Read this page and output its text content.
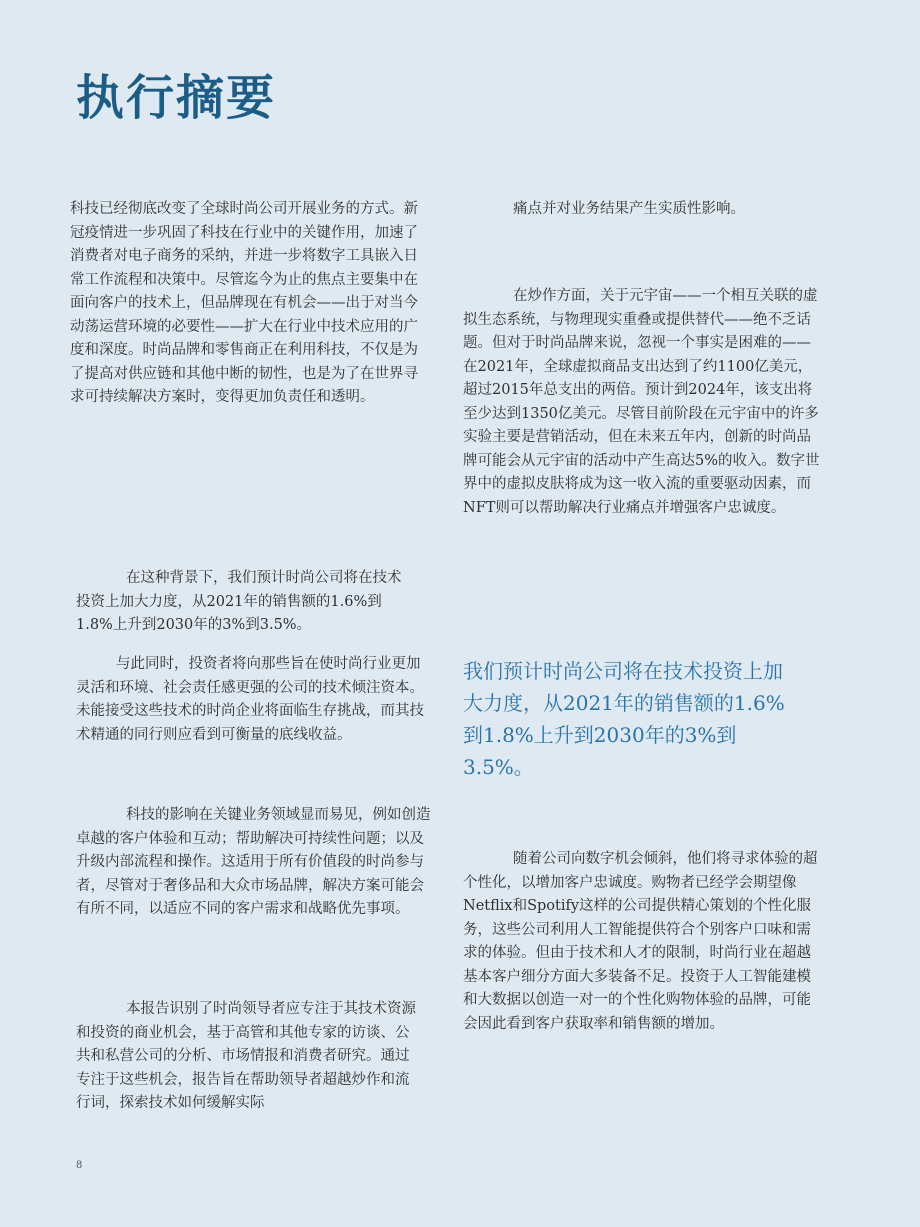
执行摘要

科技已经彻底改变了全球时尚公司开展业务的方式。新冠疫情进一步巩固了科技在行业中的关键作用，加速了消费者对电子商务的采纳，并进一步将数字工具嵌入日常工作流程和决策中。尽管迄今为止的焦点主要集中在面向客户的技术上，但品牌现在有机会——出于对当今动荡运营环境的必要性——扩大在行业中技术应用的广度和深度。时尚品牌和零售商正在利用科技，不仅是为了提高对供应链和其他中断的韧性，也是为了在世界寻求可持续解决方案时，变得更加负责任和透明。

在这种背景下，我们预计时尚公司将在技术投资上加大力度，从2021年的销售额的1.6%到1.8%上升到2030年的3%到3.5%。

与此同时，投资者将向那些旨在使时尚行业更加灵活和环境、社会责任感更强的公司的技术倾注资本。未能接受这些技术的时尚企业将面临生存挑战，而其技术精通的同行则应看到可衡量的底线收益。

科技的影响在关键业务领域显而易见，例如创造卓越的客户体验和互动；帮助解决可持续性问题；以及升级内部流程和操作。这适用于所有价值段的时尚参与者，尽管对于奢侈品和大众市场品牌，解决方案可能会有所不同，以适应不同的客户需求和战略优先事项。

本报告识别了时尚领导者应专注于其技术资源和投资的商业机会，基于高管和其他专家的访谈、公共和私营公司的分析、市场情报和消费者研究。通过专注于这些机会，报告旨在帮助领导者超越炒作和流行词，探索技术如何缓解实际

痛点并对业务结果产生实质性影响。

在炒作方面，关于元宇宙——一个相互关联的虚拟生态系统，与物理现实重叠或提供替代——绝不乏话题。但对于时尚品牌来说，忽视一个事实是困难的——在2021年，全球虚拟商品支出达到了约1100亿美元，超过2015年总支出的两倍。预计到2024年，该支出将至少达到1350亿美元。尽管目前阶段在元宇宙中的许多实验主要是营销活动，但在未来五年内，创新的时尚品牌可能会从元宇宙的活动中产生高达5%的收入。数字世界中的虚拟皮肤将成为这一收入流的重要驱动因素，而NFT则可以帮助解决行业痛点并增强客户忠诚度。

我们预计时尚公司将在技术投资上加大力度，从2021年的销售额的1.6%到1.8%上升到2030年的3%到3.5%。

随着公司向数字机会倾斜，他们将寻求体验的超个性化，以增加客户忠诚度。购物者已经学会期望像Netflix和Spotify这样的公司提供精心策划的个性化服务，这些公司利用人工智能提供符合个别客户口味和需求的体验。但由于技术和人才的限制，时尚行业在超越基本客户细分方面大多装备不足。投资于人工智能建模和大数据以创造一对一的个性化购物体验的品牌，可能会因此看到客户获取率和销售额的增加。

8
